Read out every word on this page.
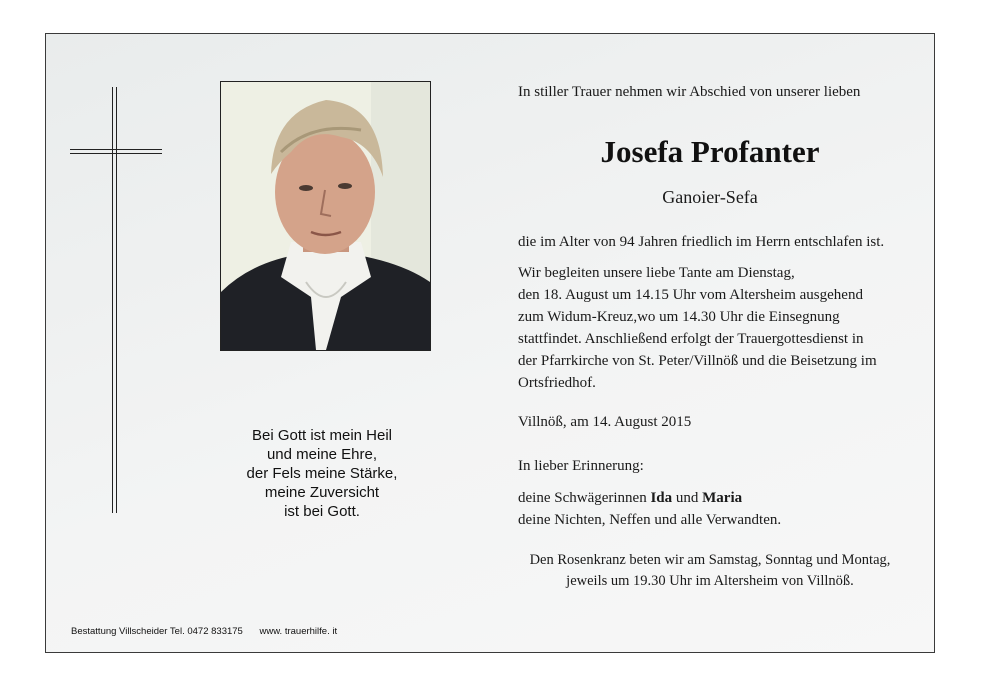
Bei Gott ist mein Heil
und meine Ehre,
der Fels meine Stärke,
meine Zuversicht
ist bei Gott.
In stiller Trauer nehmen wir Abschied von unserer lieben
Josefa Profanter
Ganoier-Sefa
die im Alter von 94 Jahren friedlich im Herrn entschlafen ist.
Wir begleiten unsere liebe Tante am Dienstag,
den 18. August um 14.15 Uhr vom Altersheim ausgehend
zum Widum-Kreuz,wo um 14.30 Uhr die Einsegnung
stattfindet. Anschließend erfolgt der Trauergottesdienst in
der Pfarrkirche von St. Peter/Villnöß und die Beisetzung im
Ortsfriedhof.
Villnöß, am 14. August 2015
In lieber Erinnerung:
deine Schwägerinnen Ida und Maria
deine Nichten, Neffen und alle Verwandten.
Den Rosenkranz beten wir am Samstag, Sonntag und Montag,
jeweils um 19.30 Uhr im Altersheim von Villnöß.
Bestattung Villscheider Tel. 0472 833175 www. trauerhilfe. it
